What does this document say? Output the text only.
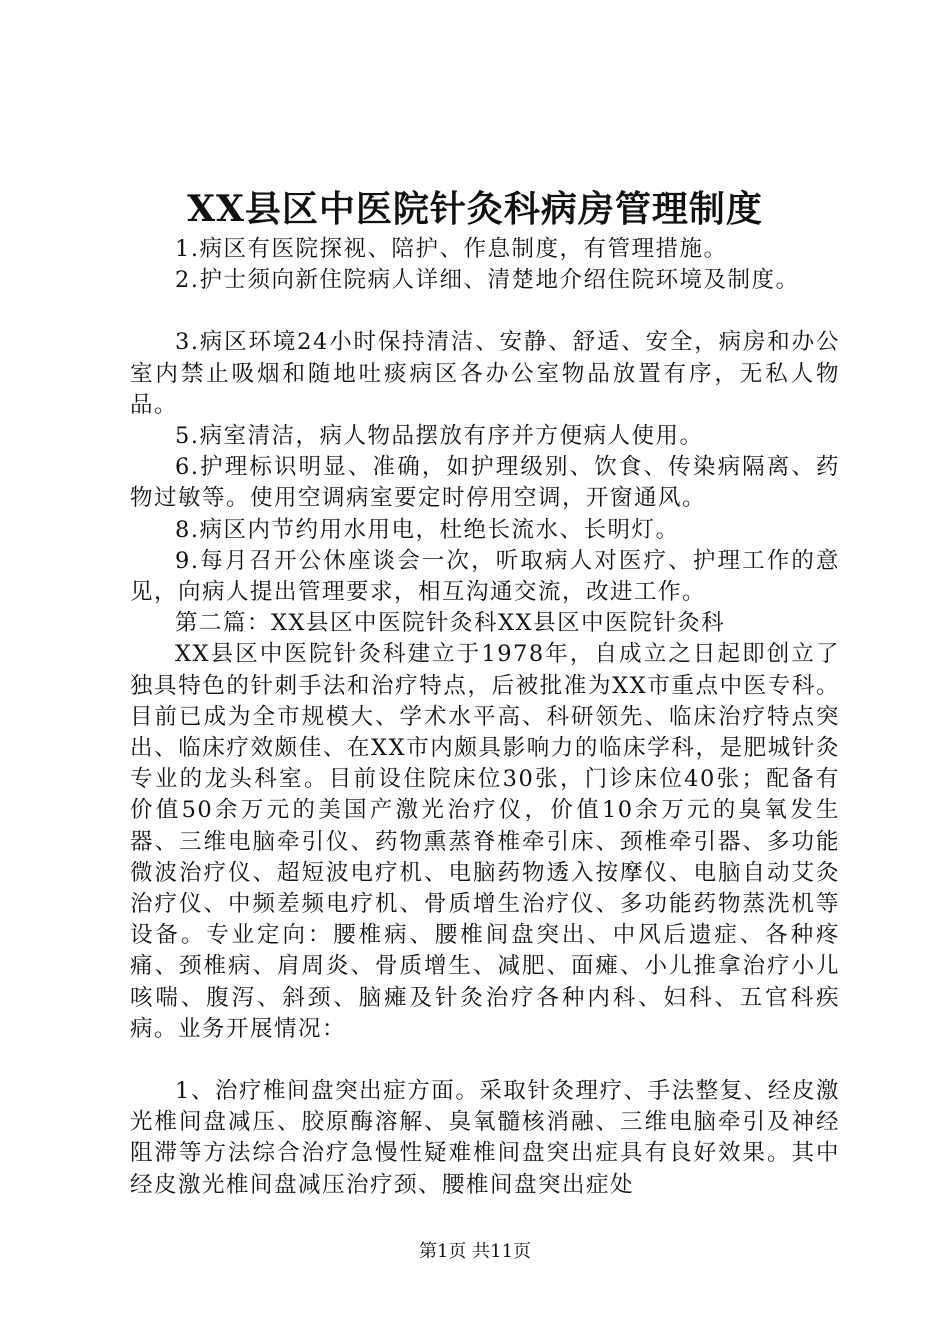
XX县区中医院针灸科病房管理制度

1.病区有医院探视、陪护、作息制度，有管理措施。

2.护士须向新住院病人详细、清楚地介绍住院环境及制度。

3.病区环境24小时保持清洁、安静、舒适、安全，病房和办公室内禁止吸烟和随地吐痰病区各办公室物品放置有序，无私人物品。

5.病室清洁，病人物品摆放有序并方便病人使用。

6.护理标识明显、准确，如护理级别、饮食、传染病隔离、药物过敏等。使用空调病室要定时停用空调，开窗通风。

8.病区内节约用水用电，杜绝长流水、长明灯。

9.每月召开公休座谈会一次，听取病人对医疗、护理工作的意见，向病人提出管理要求，相互沟通交流，改进工作。

第二篇：XX县区中医院针灸科XX县区中医院针灸科

XX县区中医院针灸科建立于1978年，自成立之日起即创立了独具特色的针刺手法和治疗特点，后被批准为XX市重点中医专科。目前已成为全市规模大、学术水平高、科研领先、临床治疗特点突出、临床疗效颇佳、在XX市内颇具影响力的临床学科，是肥城针灸专业的龙头科室。目前设住院床位30张，门诊床位40张；配备有价值50余万元的美国产激光治疗仪，价值10余万元的臭氧发生器、三维电脑牵引仪、药物熏蒸脊椎牵引床、颈椎牵引器、多功能微波治疗仪、超短波电疗机、电脑药物透入按摩仪、电脑自动艾灸治疗仪、中频差频电疗机、骨质增生治疗仪、多功能药物蒸洗机等设备。专业定向：腰椎病、腰椎间盘突出、中风后遗症、各种疼痛、颈椎病、肩周炎、骨质增生、减肥、面瘫、小儿推拿治疗小儿咳喘、腹泻、斜颈、脑瘫及针灸治疗各种内科、妇科、五官科疾病。业务开展情况：

1、治疗椎间盘突出症方面。采取针灸理疗、手法整复、经皮激光椎间盘减压、胶原酶溶解、臭氧髓核消融、三维电脑牵引及神经阻滞等方法综合治疗急慢性疑难椎间盘突出症具有良好效果。其中经皮激光椎间盘减压治疗颈、腰椎间盘突出症处

第1页 共11页
